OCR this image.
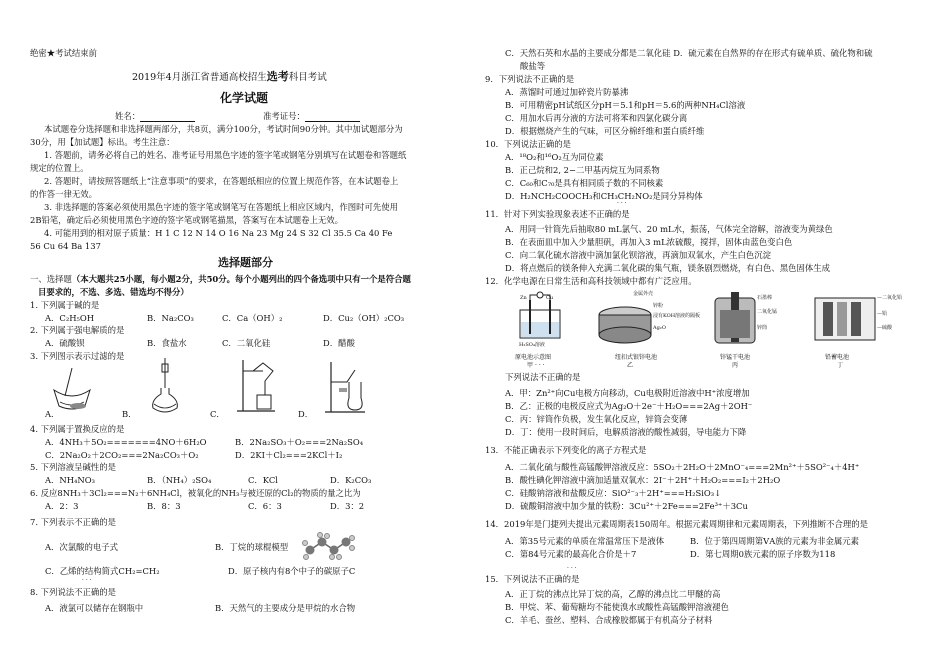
绝密★考试结束前
2019年4月浙江省普通高校招生选考科目考试
化学试题
姓名：	准考证号：
本试题卷分选择题和非选择题两部分，共8页，满分100分，考试时间90分钟。其中加试题部分为
30分，用【加试题】标出。考生注意：
1. 答题前，请务必将自己的姓名、准考证号用黑色字迹的签字笔或钢笔分别填写在试题卷和答题纸
规定的位置上。
2. 答题时，请按照答题纸上“注意事项”的要求，在答题纸相应的位置上规范作答，在本试题卷上
的作答一律无效。
3. 非选择题的答案必须使用黑色字迹的签字笔或钢笔写在答题纸上相应区域内，作图时可先使用
2B铅笔，确定后必须使用黑色字迹的签字笔或钢笔描黑，答案写在本试题卷上无效。
4. 可能用到的相对原子质量：H 1 C 12 N 14 O 16 Na 23 Mg 24 S 32 Cl 35.5 Ca 40 Fe
56 Cu 64 Ba 137
选择题部分
一、选择题（本大题共25小题，每小题2分，共50分。每个小题列出的四个备选项中只有一个是符合题
目要求的，不选、多选、错选均不得分）
1. 下列属于碱的是
A．C₂H₅OH	B．Na₂CO₃	C．Ca（OH）₂	D．Cu₂（OH）₂CO₃
2. 下列属于强电解质的是
A．硫酸钡	B．食盐水	C．二氧化硅	D．醋酸
3. 下列图示表示过滤的是
A．	B．	C．	D．
4. 下列属于置换反应的是
A．4NH₃＋5O₂=======4NO＋6H₂O	B．2Na₂SO₃＋O₂===2Na₂SO₄
C．2Na₂O₂＋2CO₂===2Na₂CO₃＋O₂	D．2KI＋Cl₂===2KCl＋I₂
5. 下列溶液呈碱性的是
A．NH₄NO₃	B．（NH₄）₂SO₄	C．KCl	D．K₂CO₃
6. 反应8NH₃＋3Cl₂===N₂＋6NH₄Cl，被氧化的NH₃与被还原的Cl₂的物质的量之比为
A．2：3	B．8：3	C．6：3	D．3：2
7. 下列表示不正确的是
A．次氯酸的电子式	B．丁烷的球棍模型
C．乙烯的结构简式CH₂=CH₂	D．原子核内有8个中子的碳原子C
· · ·
8. 下列说法不正确的是
A．液氯可以储存在钢瓶中	B．天然气的主要成分是甲烷的水合物
C．天然石英和水晶的主要成分都是二氧化硅 D．硫元素在自然界的存在形式有硫单质、硫化物和硫
酸盐等
9．下列说法不正确的是
A．蒸馏时可通过加碎瓷片防暴沸
B．可用精密pH试纸区分pH＝5.1和pH＝5.6的两种NH₄Cl溶液
C．用加水后再分液的方法可将苯和四氯化碳分离
D．根据燃烧产生的气味，可区分棉纤维和蛋白质纤维
10．下列说法正确的是
A．¹⁸O₂和¹⁶O₂互为同位素
B．正己烷和2, 2−二甲基丙烷互为同系物
C．C₆₀和C₇₀是具有相同质子数的不同核素
D．H₂NCH₂COOCH₃和CH₃CH₂NO₂是同分异构体
· · ·
11．针对下列实验现象表述不正确的是
A．用同一针筒先后抽取80 mL氯气、20 mL水，振荡，气体完全溶解，溶液变为黄绿色
B．在表面皿中加入少量胆矾，再加入3 mL浓硫酸，搅拌，固体由蓝色变白色
C．向二氧化硫水溶液中滴加氯化钡溶液，再滴加双氧水，产生白色沉淀
D．将点燃后的镁条伸入充满二氧化碳的集气瓶，镁条剧烈燃烧，有白色、黑色固体生成
12．化学电源在日常生活和高科技领域中都有广泛应用。
Zn	Cu
H₂SO₄溶液
金属外壳
锌粉
浸有KOH溶液的隔板
Ag₂O
石墨棒
二氧化锰
锌筒
—二氧化铅
—铅
—硫酸
原电池示意图	纽扣式银锌电池	锌锰干电池	铅蓄电池
甲	乙	丙	丁
· · ·
下列说法不正确的是
A．甲：Zn²⁺向Cu电极方向移动，Cu电极附近溶液中H⁺浓度增加
B．乙：正极的电极反应式为Ag₂O＋2e⁻＋H₂O===2Ag＋2OH⁻
C．丙：锌筒作负极，发生氧化反应，锌筒会变薄
D．丁：使用一段时间后，电解质溶液的酸性减弱，导电能力下降
13．不能正确表示下列变化的离子方程式是
A．二氧化硫与酸性高锰酸钾溶液反应：5SO₂＋2H₂O＋2MnO⁻₄===2Mn²⁺＋5SO²⁻₄＋4H⁺
B．酸性碘化钾溶液中滴加适量双氧水：2I⁻＋2H⁺＋H₂O₂===I₂＋2H₂O
C．硅酸钠溶液和盐酸反应：SiO²⁻₃＋2H⁺===H₂SiO₃↓
D．硫酸铜溶液中加少量的铁粉：3Cu²⁺＋2Fe===2Fe³⁺＋3Cu
14．2019年是门捷列夫提出元素周期表150周年。根据元素周期律和元素周期表，下列推断不合理的是
A．第35号元素的单质在常温常压下是液体	B．位于第四周期第ⅤA族的元素为非金属元素
C．第84号元素的最高化合价是＋7	D．第七周期0族元素的原子序数为118
· · ·
15．下列说法不正确的是
A．正丁烷的沸点比异丁烷的高，乙醇的沸点比二甲醚的高
B．甲烷、苯、葡萄糖均不能使溴水或酸性高锰酸钾溶液褪色
C．羊毛、蚕丝、塑料、合成橡胶都属于有机高分子材料
